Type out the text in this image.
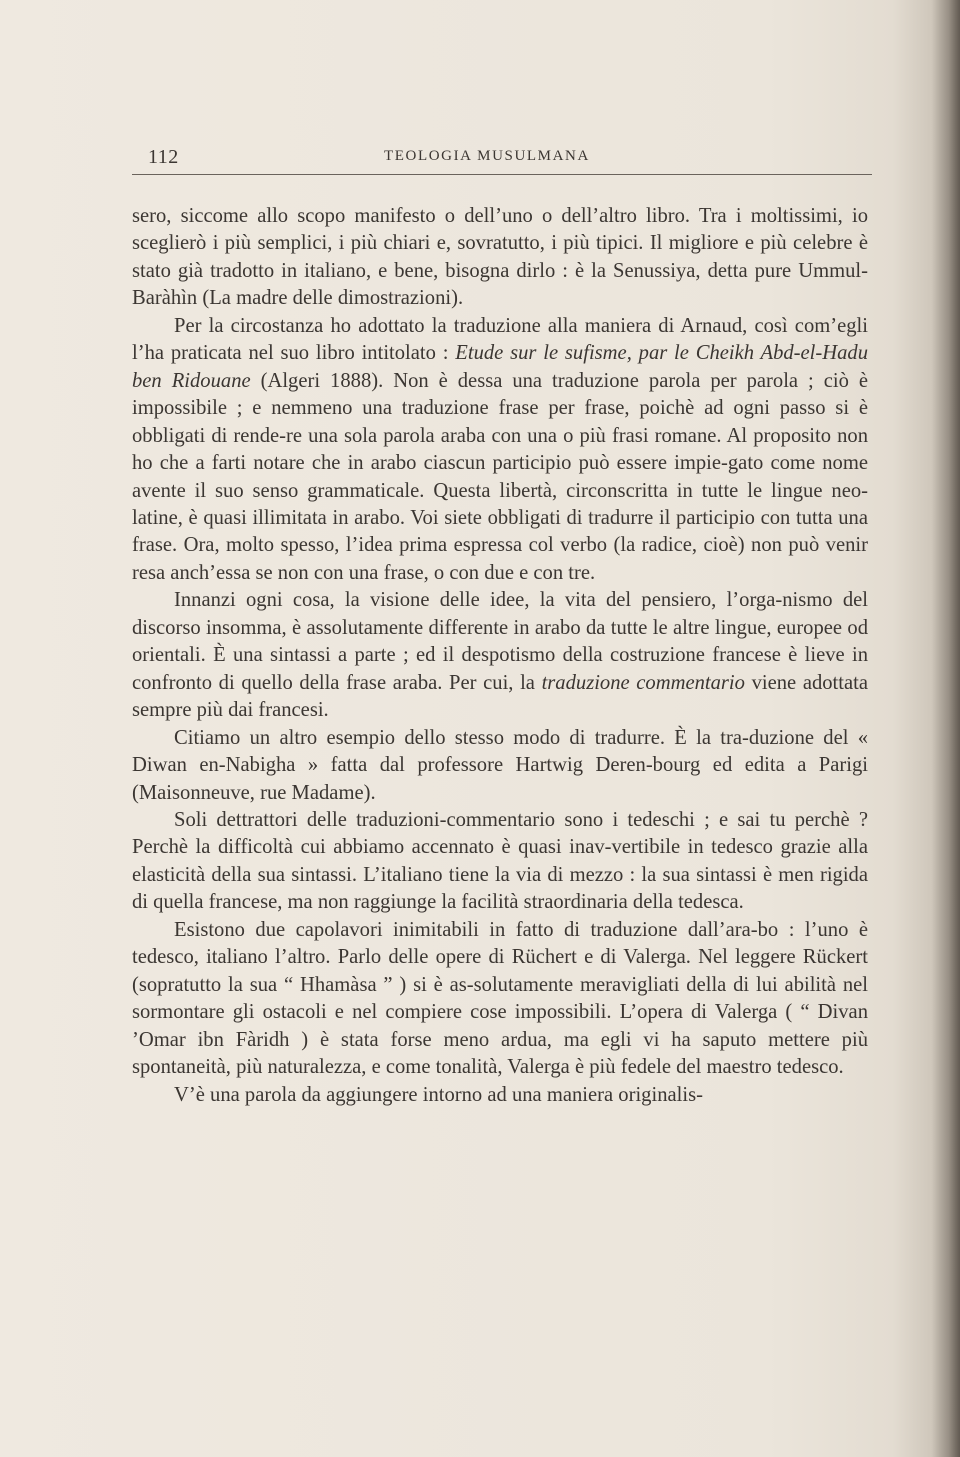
112	TEOLOGIA MUSULMANA

sero, siccome allo scopo manifesto o dell’uno o dell’altro libro. Tra i moltissimi, io sceglierò i più semplici, i più chiari e, sovratutto, i più tipici. Il migliore e più celebre è stato già tradotto in italiano, e bene, bisogna dirlo : è la Senussiya, detta pure Ummul-Baràhìn (La madre delle dimostrazioni).

Per la circostanza ho adottato la traduzione alla maniera di Arnaud, così com’egli l’ha praticata nel suo libro intitolato : Etude sur le sufisme, par le Cheikh Abd-el-Hadu ben Ridouane (Algeri 1888). Non è dessa una traduzione parola per parola ; ciò è impossibile ; e nemmeno una traduzione frase per frase, poichè ad ogni passo si è obbligati di rende-re una sola parola araba con una o più frasi romane. Al proposito non ho che a farti notare che in arabo ciascun participio può essere impie-gato come nome avente il suo senso grammaticale. Questa libertà, circonscritta in tutte le lingue neo-latine, è quasi illimitata in arabo. Voi siete obbligati di tradurre il participio con tutta una frase. Ora, molto spesso, l’idea prima espressa col verbo (la radice, cioè) non può venir resa anch’essa se non con una frase, o con due e con tre.

Innanzi ogni cosa, la visione delle idee, la vita del pensiero, l’orga-nismo del discorso insomma, è assolutamente differente in arabo da tutte le altre lingue, europee od orientali. È una sintassi a parte ; ed il despotismo della costruzione francese è lieve in confronto di quello della frase araba. Per cui, la traduzione commentario viene adottata sempre più dai francesi.

Citiamo un altro esempio dello stesso modo di tradurre. È la tra-duzione del « Diwan en-Nabigha » fatta dal professore Hartwig Deren-bourg ed edita a Parigi (Maisonneuve, rue Madame).

Soli dettrattori delle traduzioni-commentario sono i tedeschi ; e sai tu perchè ? Perchè la difficoltà cui abbiamo accennato è quasi inav-vertibile in tedesco grazie alla elasticità della sua sintassi. L’italiano tiene la via di mezzo : la sua sintassi è men rigida di quella francese, ma non raggiunge la facilità straordinaria della tedesca.

Esistono due capolavori inimitabili in fatto di traduzione dall’ara-bo : l’uno è tedesco, italiano l’altro. Parlo delle opere di Rüchert e di Valerga. Nel leggere Rückert (sopratutto la sua “ Hhamàsa ” ) si è as-solutamente meravigliati della di lui abilità nel sormontare gli ostacoli e nel compiere cose impossibili. L’opera di Valerga ( “ Divan ’Omar ibn Fàridh ) è stata forse meno ardua, ma egli vi ha saputo mettere più spontaneità, più naturalezza, e come tonalità, Valerga è più fedele del maestro tedesco.

V’è una parola da aggiungere intorno ad una maniera originalis-
